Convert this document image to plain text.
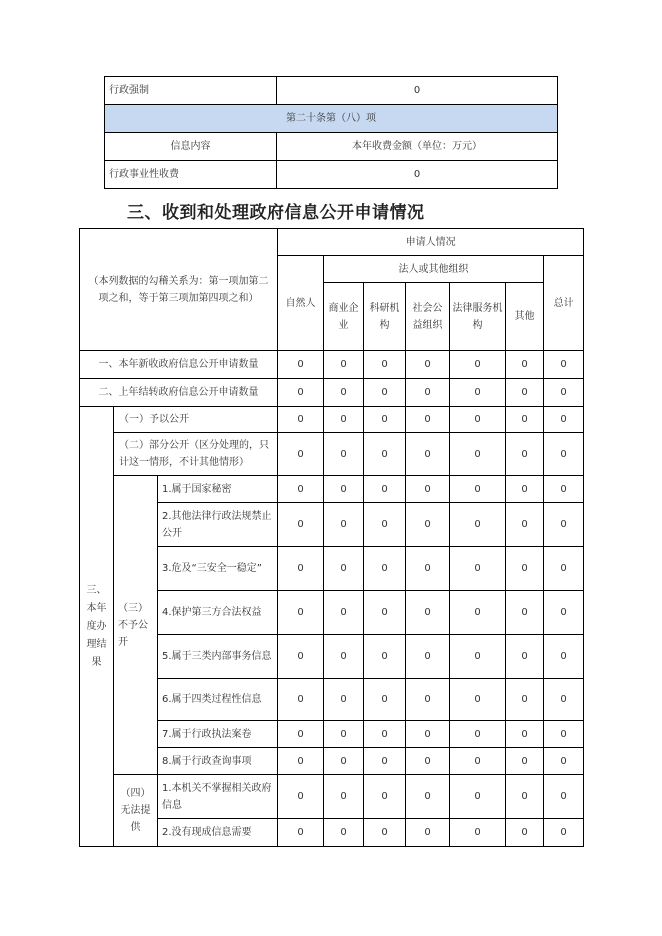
行政强制	0
第二十条第（八）项	
信息内容	本年收费金额（单位：万元）
行政事业性收费	0
三、收到和处理政府信息公开申请情况
（本列数据的勾稽关系为：第一项加第二项之和，等于第三项加第四项之和）			申请人情况						
			自然人	法人或其他组织					总计
				商业企业	科研机构	社会公益组织	法律服务机构	其他	
一、本年新收政府信息公开申请数量			0	0	0	0	0	0	0
二、上年结转政府信息公开申请数量			0	0	0	0	0	0	0
三、本年度办理结果	（一）予以公开		0	0	0	0	0	0	0
	（二）部分公开（区分处理的，只计这一情形，不计其他情形）		0	0	0	0	0	0	0
	（三）不予公开	1.属于国家秘密	0	0	0	0	0	0	0
		2.其他法律行政法规禁止公开	0	0	0	0	0	0	0
		3.危及“三安全一稳定”	0	0	0	0	0	0	0
		4.保护第三方合法权益	0	0	0	0	0	0	0
		5.属于三类内部事务信息	0	0	0	0	0	0	0
		6.属于四类过程性信息	0	0	0	0	0	0	0
		7.属于行政执法案卷	0	0	0	0	0	0	0
		8.属于行政查询事项	0	0	0	0	0	0	0
	（四）无法提供	1.本机关不掌握相关政府信息	0	0	0	0	0	0	0
		2.没有现成信息需要	0	0	0	0	0	0	0
